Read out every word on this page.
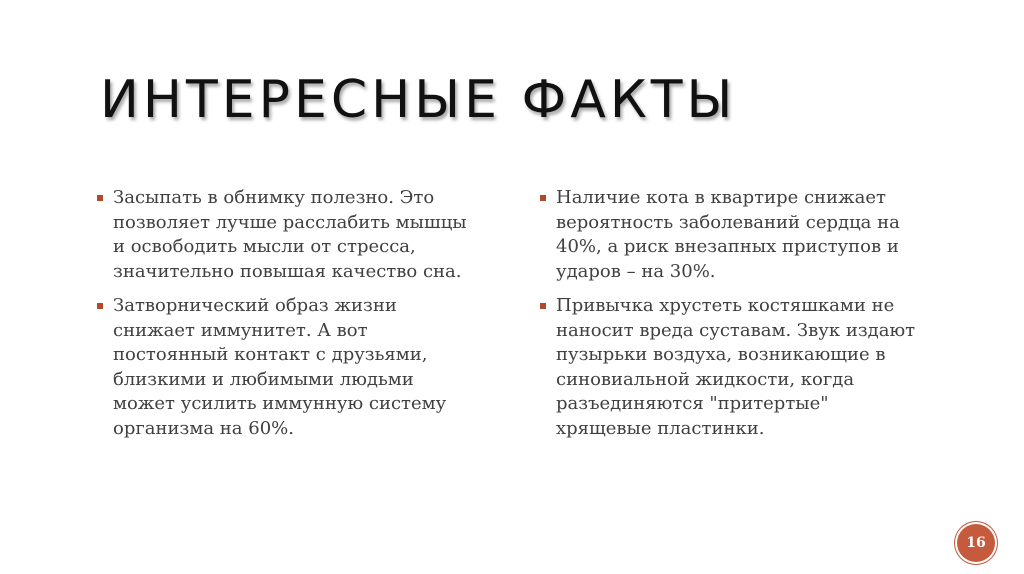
ИНТЕРЕСНЫЕ ФАКТЫ
Засыпать в обнимку полезно. Это позволяет лучше расслабить мышцы и освободить мысли от стресса, значительно повышая качество сна.
Затворнический образ жизни снижает иммунитет. А вот постоянный контакт с друзьями, близкими и любимыми людьми может усилить иммунную систему организма на 60%.
Наличие кота в квартире снижает вероятность заболеваний сердца на 40%, а риск внезапных приступов и ударов – на 30%.
Привычка хрустеть костяшками не наносит вреда суставам. Звук издают пузырьки воздуха, возникающие в синовиальной жидкости, когда разъединяются "притертые" хрящевые пластинки.
16
